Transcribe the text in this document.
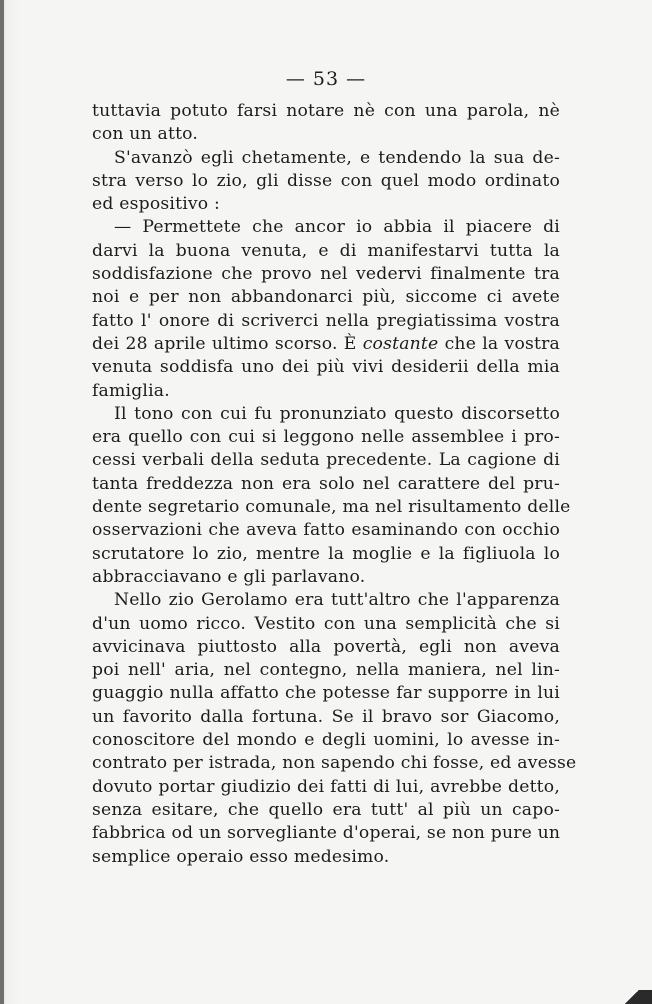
— 53 —
tuttavia potuto farsi notare nè con una parola, nè
con un atto.
S'avanzò egli chetamente, e tendendo la sua de-
stra verso lo zio, gli disse con quel modo ordinato
ed espositivo :
— Permettete che ancor io abbia il piacere di
darvi la buona venuta, e di manifestarvi tutta la
soddisfazione che provo nel vedervi finalmente tra
noi e per non abbandonarci più, siccome ci avete
fatto l' onore di scriverci nella pregiatissima vostra
dei 28 aprile ultimo scorso. È costante che la vostra
venuta soddisfa uno dei più vivi desiderii della mia
famiglia.
Il tono con cui fu pronunziato questo discorsetto
era quello con cui si leggono nelle assemblee i pro-
cessi verbali della seduta precedente. La cagione di
tanta freddezza non era solo nel carattere del pru-
dente segretario comunale, ma nel risultamento delle
osservazioni che aveva fatto esaminando con occhio
scrutatore lo zio, mentre la moglie e la figliuola lo
abbracciavano e gli parlavano.
Nello zio Gerolamo era tutt'altro che l'apparenza
d'un uomo ricco. Vestito con una semplicità che si
avvicinava piuttosto alla povertà, egli non aveva
poi nell' aria, nel contegno, nella maniera, nel lin-
guaggio nulla affatto che potesse far supporre in lui
un favorito dalla fortuna. Se il bravo sor Giacomo,
conoscitore del mondo e degli uomini, lo avesse in-
contrato per istrada, non sapendo chi fosse, ed avesse
dovuto portar giudizio dei fatti di lui, avrebbe detto,
senza esitare, che quello era tutt' al più un capo-
fabbrica od un sorvegliante d'operai, se non pure un
semplice operaio esso medesimo.
